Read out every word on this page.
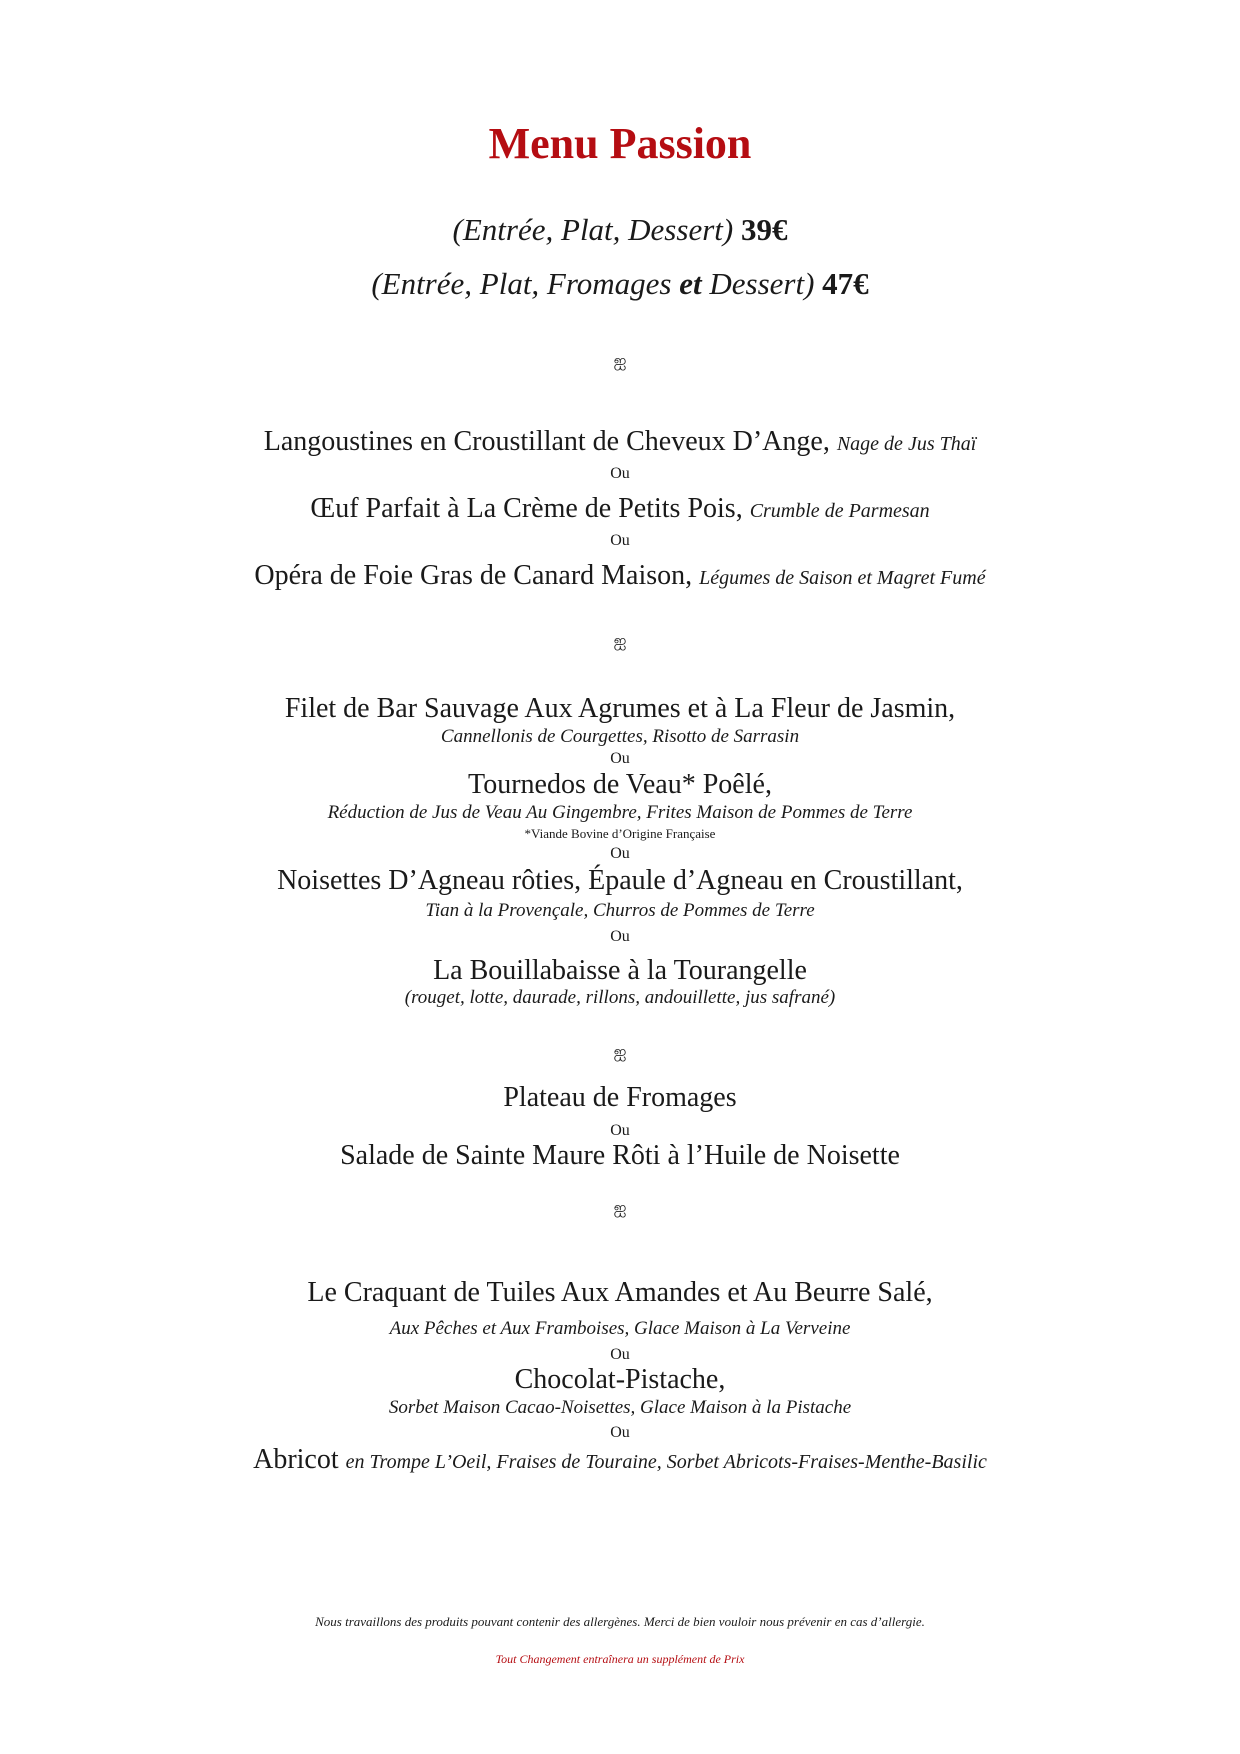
Menu Passion
(Entrée, Plat, Dessert) 39€
(Entrée, Plat, Fromages et Dessert) 47€
ஐ
Langoustines en Croustillant de Cheveux D’Ange, Nage de Jus Thaï
Ou
Œuf Parfait à La Crème de Petits Pois, Crumble de Parmesan
Ou
Opéra de Foie Gras de Canard Maison, Légumes de Saison et Magret Fumé
ஐ
Filet de Bar Sauvage Aux Agrumes et à La Fleur de Jasmin,
Cannellonis de Courgettes, Risotto de Sarrasin
Ou
Tournedos de Veau* Poêlé,
Réduction de Jus de Veau Au Gingembre, Frites Maison de Pommes de Terre
*Viande Bovine d’Origine Française
Ou
Noisettes D’Agneau rôties, Épaule d’Agneau en Croustillant,
Tian à la Provençale, Churros de Pommes de Terre
Ou
La Bouillabaisse à la Tourangelle
(rouget, lotte, daurade, rillons, andouillette, jus safrané)
ஐ
Plateau de Fromages
Ou
Salade de Sainte Maure Rôti à l’Huile de Noisette
ஐ
Le Craquant de Tuiles Aux Amandes et Au Beurre Salé,
Aux Pêches et Aux Framboises, Glace Maison à La Verveine
Ou
Chocolat-Pistache,
Sorbet Maison Cacao-Noisettes, Glace Maison à la Pistache
Ou
Abricot en Trompe L’Oeil, Fraises de Touraine, Sorbet Abricots-Fraises-Menthe-Basilic
Nous travaillons des produits pouvant contenir des allergènes. Merci de bien vouloir nous prévenir en cas d’allergie.
Tout Changement entraînera un supplément de Prix
